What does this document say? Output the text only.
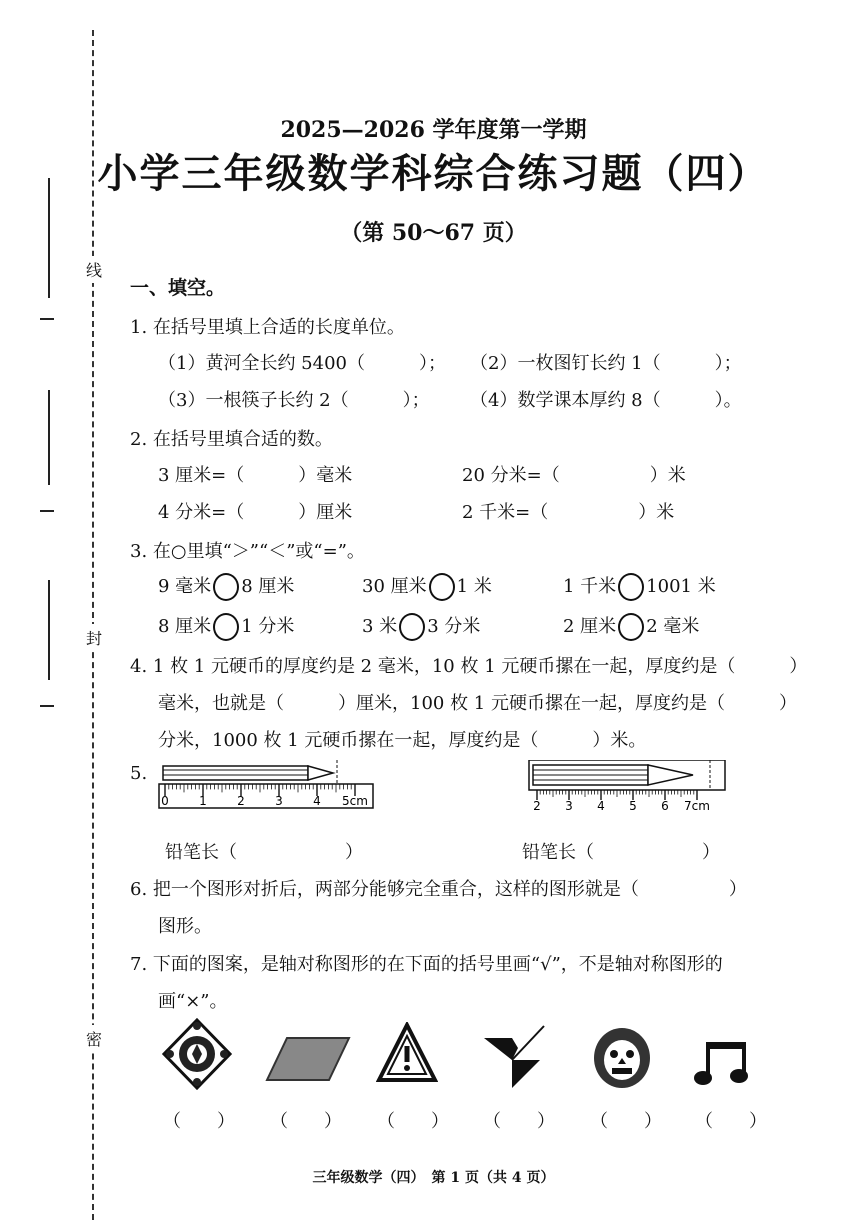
线
封
密
2025—2026 学年度第一学期
小学三年级数学科综合练习题（四）
（第 50～67 页）
一、填空。
1. 在括号里填上合适的长度单位。
（1）黄河全长约 5400（　　　）； （2）一枚图钉长约 1（　　　）；
（3）一根筷子长约 2（　　　）； （4）数学课本厚约 8（　　　）。
2. 在括号里填合适的数。
3 厘米=（　　　）毫米	20 分米=（　　　　　）米
4 分米=（　　　）厘米	2 千米=（　　　　　）米
3. 在○里填“＞”“＜”或“=”。
9 毫米 8 厘米	30 厘米 1 米	1 千米 1001 米
8 厘米 1 分米	3 米 3 分米	2 厘米 2 毫米
4. 1 枚 1 元硬币的厚度约是 2 毫米，10 枚 1 元硬币摞在一起，厚度约是（　　　）
毫米，也就是（　　　）厘米，100 枚 1 元硬币摞在一起，厚度约是（　　　）
分米，1000 枚 1 元硬币摞在一起，厚度约是（　　　）米。
5.
0	1	2	3	4 5cm	2 3 4 5 6 7cm
铅笔长（　　　　　　）	铅笔长（　　　　　　）
6. 把一个图形对折后，两部分能够完全重合，这样的图形就是（　　　　　）
图形。
7. 下面的图案，是轴对称图形的在下面的括号里画“√”，不是轴对称图形的
画“×”。
（　　） （　　） （　　） （　　） （　　） （　　）
三年级数学（四）　第 1 页（共 4 页）
